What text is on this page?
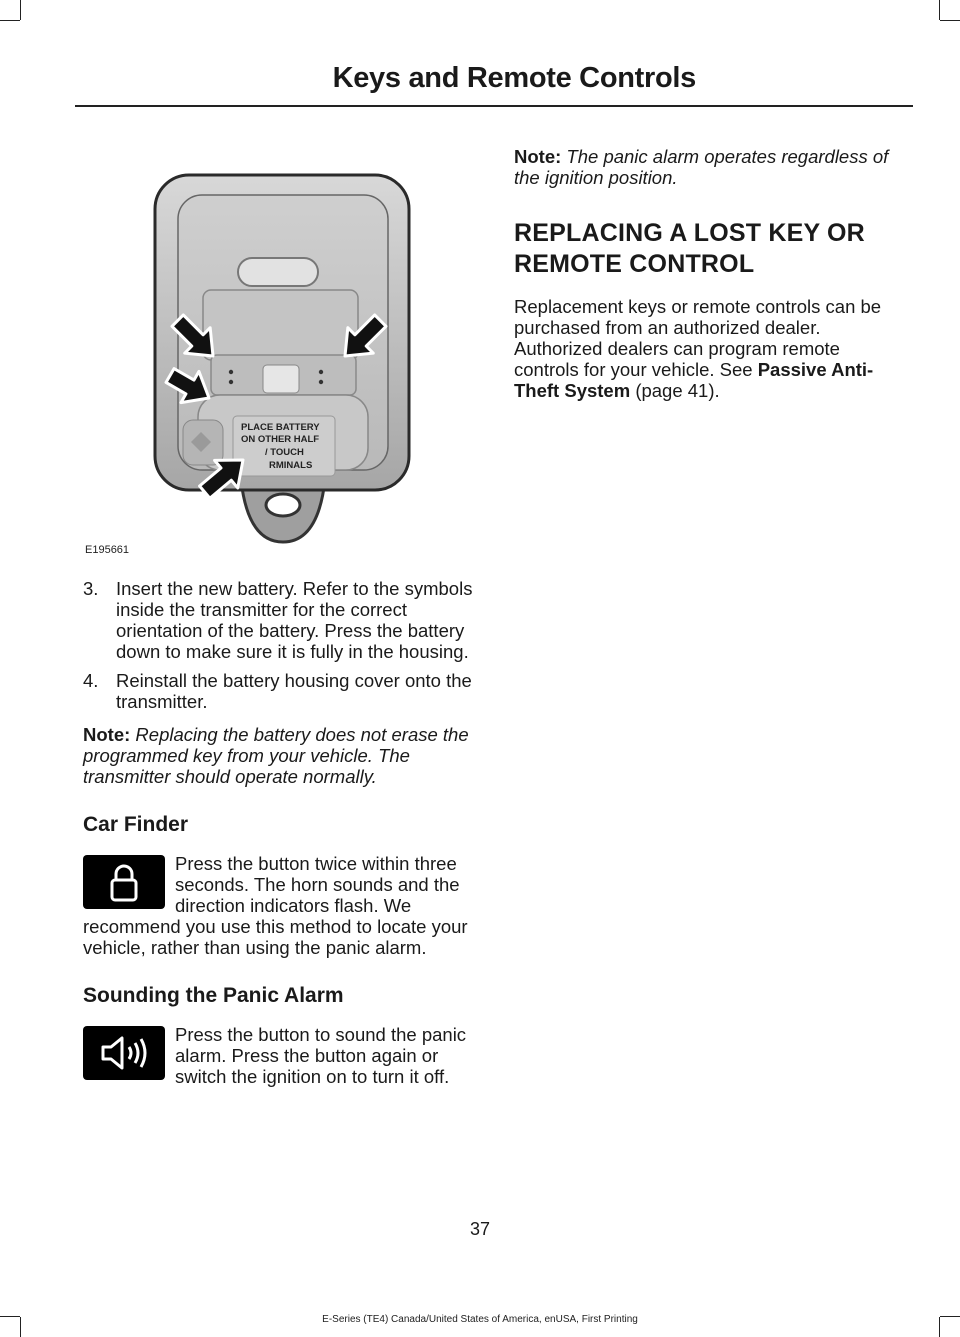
Keys and Remote Controls
PLACE BATTERY ON OTHER HALF / TOUCH RMINALS
E195661
3. Insert the new battery. Refer to the symbols inside the transmitter for the correct orientation of the battery. Press the battery down to make sure it is fully in the housing.
4. Reinstall the battery housing cover onto the transmitter.

Note: Replacing the battery does not erase the programmed key from your vehicle. The transmitter should operate normally.

Car Finder

Press the button twice within three seconds. The horn sounds and the direction indicators flash. We recommend you use this method to locate your vehicle, rather than using the panic alarm.

Sounding the Panic Alarm

Press the button to sound the panic alarm. Press the button again or switch the ignition on to turn it off.

Note: The panic alarm operates regardless of the ignition position.

REPLACING A LOST KEY OR
REMOTE CONTROL

Replacement keys or remote controls can be purchased from an authorized dealer. Authorized dealers can program remote controls for your vehicle. See Passive Anti-Theft System (page 41).

37
E-Series (TE4) Canada/United States of America, enUSA, First Printing
